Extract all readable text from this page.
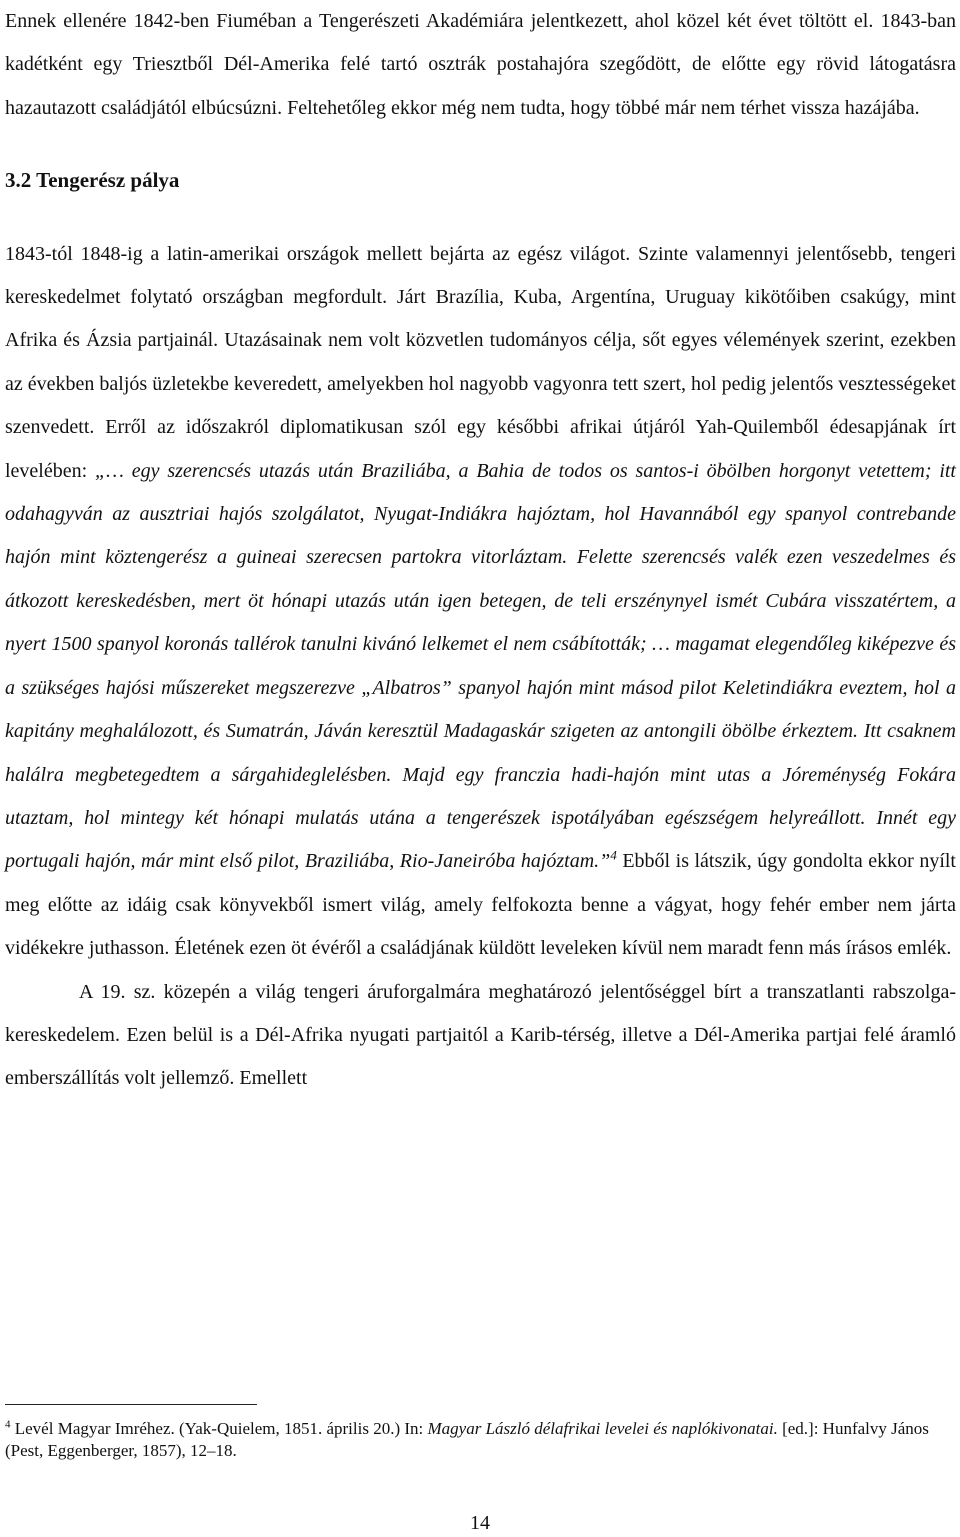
Ennek ellenére 1842-ben Fiuméban a Tengerészeti Akadémiára jelentkezett, ahol közel két évet töltött el. 1843-ban kadétként egy Triesztből Dél-Amerika felé tartó osztrák postahajóra szegődött, de előtte egy rövid látogatásra hazautazott családjától elbúcsúzni. Feltehetőleg ekkor még nem tudta, hogy többé már nem térhet vissza hazájába.

3.2 Tengerész pálya

1843-tól 1848-ig a latin-amerikai országok mellett bejárta az egész világot. Szinte valamennyi jelentősebb, tengeri kereskedelmet folytató országban megfordult. Járt Brazília, Kuba, Argentína, Uruguay kikötőiben csakúgy, mint Afrika és Ázsia partjainál. Utazásainak nem volt közvetlen tudományos célja, sőt egyes vélemények szerint, ezekben az években baljós üzletekbe keveredett, amelyekben hol nagyobb vagyonra tett szert, hol pedig jelentős vesztességeket szenvedett. Erről az időszakról diplomatikusan szól egy későbbi afrikai útjáról Yah-Quilemből édesapjának írt levelében: „… egy szerencsés utazás után Braziliába, a Bahia de todos os santos-i öbölben horgonyt vetettem; itt odahagyván az ausztriai hajós szolgálatot, Nyugat-Indiákra hajóztam, hol Havannából egy spanyol contrebande hajón mint köztengerész a guineai szerecsen partokra vitorláztam. Felette szerencsés valék ezen veszedelmes és átkozott kereskedésben, mert öt hónapi utazás után igen betegen, de teli erszénynyel ismét Cubára visszatértem, a nyert 1500 spanyol koronás tallérok tanulni kivánó lelkemet el nem csábították; … magamat elegendőleg kiképezve és a szükséges hajósi műszereket megszerezve „Albatros” spanyol hajón mint másod pilot Keletindiákra eveztem, hol a kapitány meghalálozott, és Sumatrán, Jáván keresztül Madagaskár szigeten az antongili öbölbe érkeztem. Itt csaknem halálra megbetegedtem a sárgahideglelésben. Majd egy franczia hadi-hajón mint utas a Jóreménység Fokára utaztam, hol mintegy két hónapi mulatás utána a tengerészek ispotályában egészségem helyreállott. Innét egy portugali hajón, már mint első pilot, Braziliába, Rio-Janeiróba hajóztam.”$^4$ Ebből is látszik, úgy gondolta ekkor nyílt meg előtte az idáig csak könyvekből ismert világ, amely felfokozta benne a vágyat, hogy fehér ember nem járta vidékekre juthasson. Életének ezen öt évéről a családjának küldött leveleken kívül nem maradt fenn más írásos emlék.

A 19. sz. közepén a világ tengeri áruforgalmára meghatározó jelentőséggel bírt a transzatlanti rabszolga-kereskedelem. Ezen belül is a Dél-Afrika nyugati partjaitól a Karib-térség, illetve a Dél-Amerika partjai felé áramló emberszállítás volt jellemző. Emellett

$^4$ Levél Magyar Imréhez. (Yak-Quielem, 1851. április 20.) In: Magyar László délafrikai levelei és naplókivonatai. [ed.]: Hunfalvy János (Pest, Eggenberger, 1857), 12–18.

14
